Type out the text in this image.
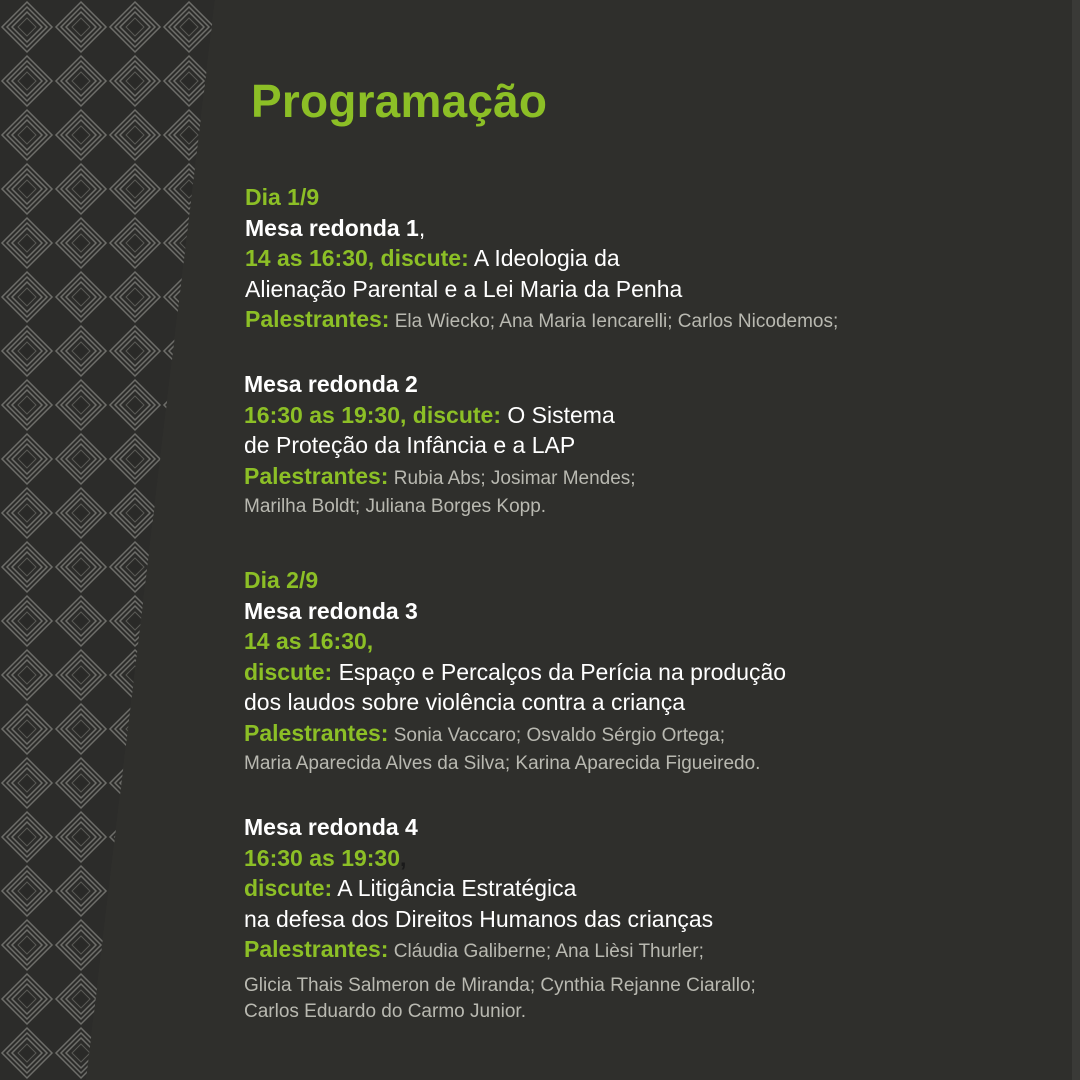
Programação
Dia 1/9
Mesa redonda 1,
14 as 16:30, discute: A Ideologia da
Alienação Parental e a Lei Maria da Penha
Palestrantes: Ela Wiecko; Ana Maria Iencarelli; Carlos Nicodemos;
Mesa redonda 2
16:30 as 19:30, discute: O Sistema
de Proteção da Infância e a LAP
Palestrantes: Rubia Abs; Josimar Mendes;
Marilha Boldt; Juliana Borges Kopp.
Dia 2/9
Mesa redonda 3
14 as 16:30,
discute: Espaço e Percalços da Perícia na produção
dos laudos sobre violência contra a criança
Palestrantes: Sonia Vaccaro; Osvaldo Sérgio Ortega;
Maria Aparecida Alves da Silva; Karina Aparecida Figueiredo.
Mesa redonda 4
16:30 as 19:30,
discute: A Litigância Estratégica
na defesa dos Direitos Humanos das crianças
Palestrantes: Cláudia Galiberne; Ana Lièsi Thurler;
Glicia Thais Salmeron de Miranda; Cynthia Rejanne Ciarallo;
Carlos Eduardo do Carmo Junior.
